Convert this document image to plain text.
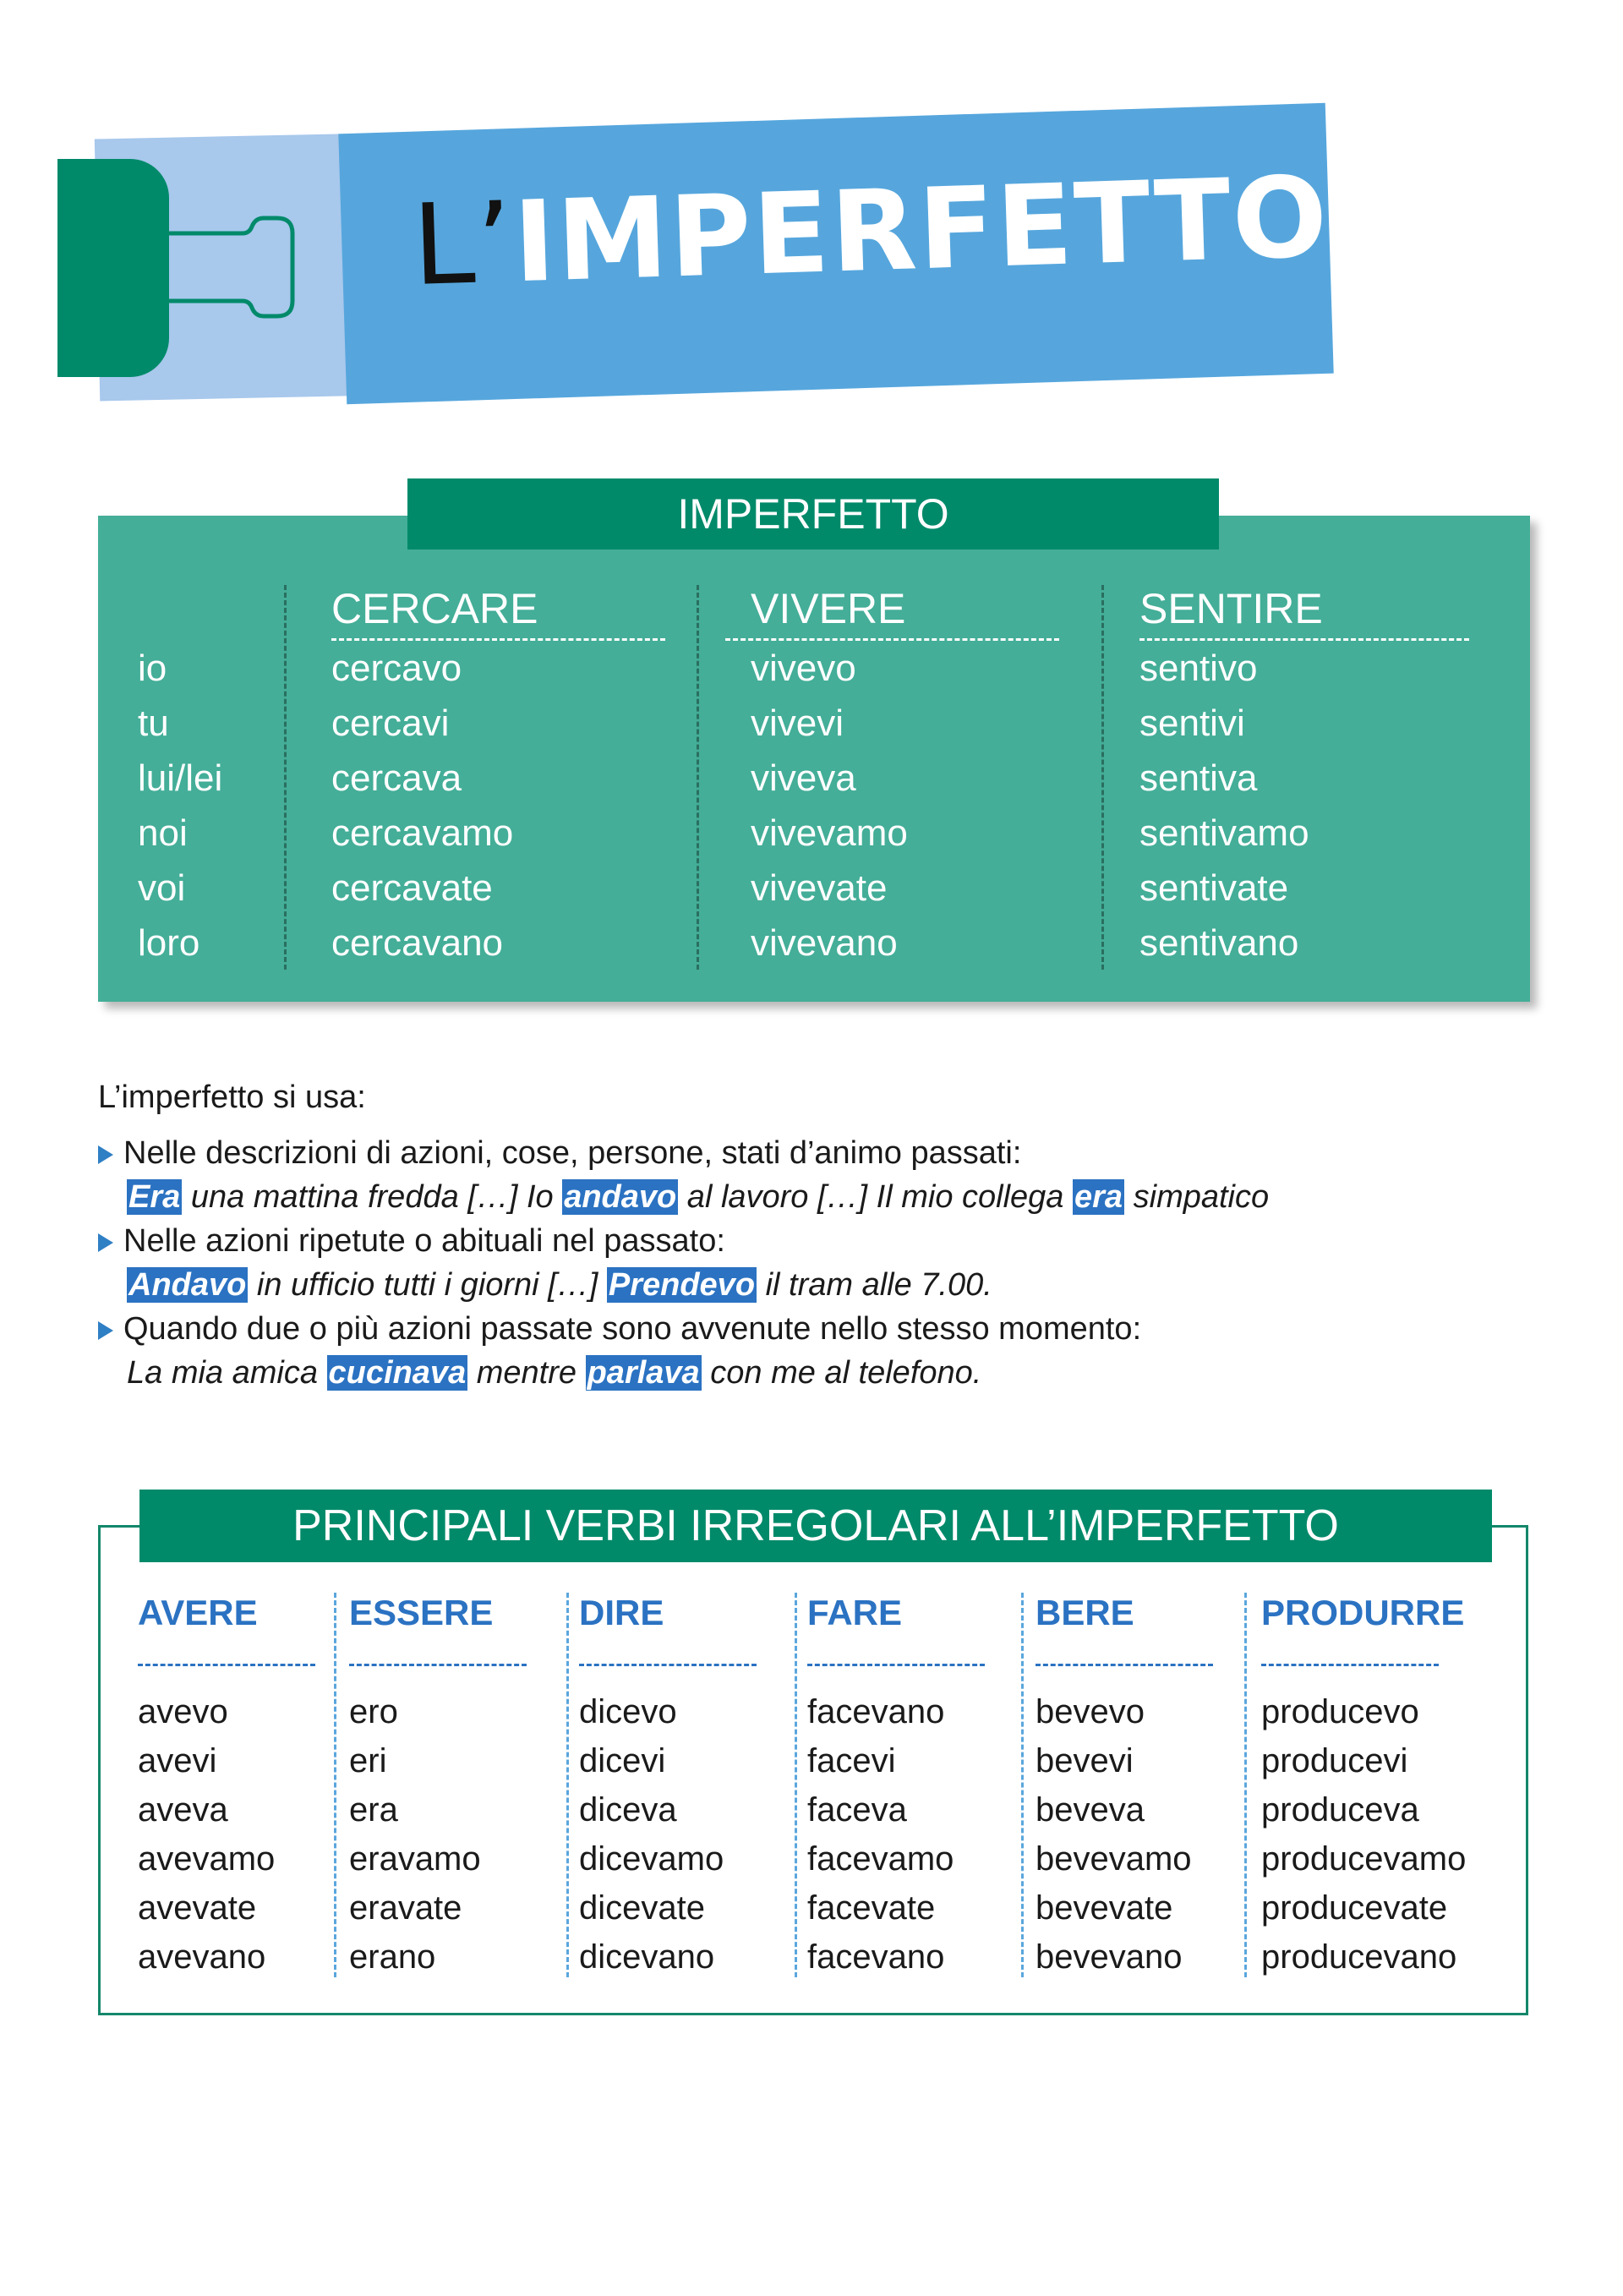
L’IMPERFETTO
IMPERFETTO
io
tu
lui/lei
noi
voi
loro
CERCARE
cercavo
cercavi
cercava
cercavamo
cercavate
cercavano
VIVERE
vivevo
vivevi
viveva
vivevamo
vivevate
vivevano
SENTIRE
sentivo
sentivi
sentiva
sentivamo
sentivate
sentivano
L’imperfetto si usa:
Nelle descrizioni di azioni, cose, persone, stati d’animo passati:
Era una mattina fredda […] Io andavo al lavoro […] Il mio collega era simpatico
Nelle azioni ripetute o abituali nel passato:
Andavo in ufficio tutti i giorni […] Prendevo il tram alle 7.00.
Quando due o più azioni passate sono avvenute nello stesso momento:
La mia amica cucinava mentre parlava con me al telefono.
PRINCIPALI VERBI IRREGOLARI ALL’IMPERFETTO
AVERE
avevo
avevi
aveva
avevamo
avevate
avevano
ESSERE
ero
eri
era
eravamo
eravate
erano
DIRE
dicevo
dicevi
diceva
dicevamo
dicevate
dicevano
FARE
facevano
facevi
faceva
facevamo
facevate
facevano
BERE
bevevo
bevevi
beveva
bevevamo
bevevate
bevevano
PRODURRE
producevo
producevi
produceva
producevamo
producevate
producevano
